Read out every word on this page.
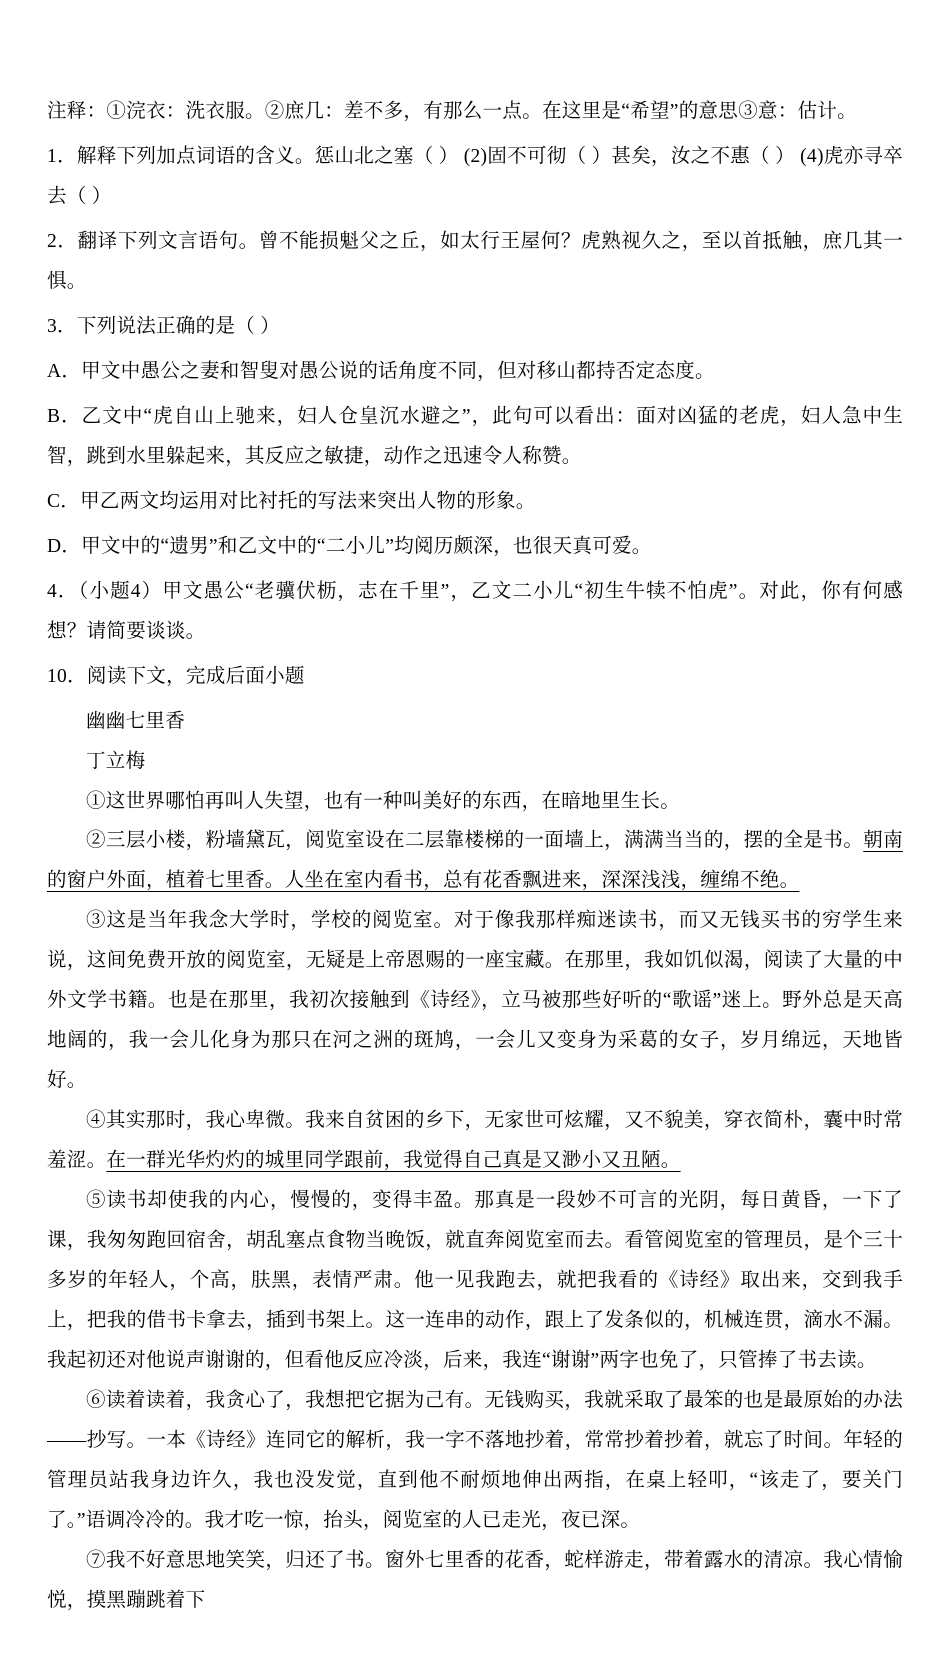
注释：①浣衣：洗衣服。②庶几：差不多，有那么一点。在这里是“希望”的意思③意：估计。

1．解释下列加点词语的含义。惩山北之塞（ ） (2)固不可彻（ ）甚矣，汝之不惠（ ） (4)虎亦寻卒去（ ）

2．翻译下列文言语句。曾不能损魁父之丘，如太行王屋何？虎熟视久之，至以首抵触，庶几其一惧。

3．下列说法正确的是（ ）

A．甲文中愚公之妻和智叟对愚公说的话角度不同，但对移山都持否定态度。

B．乙文中“虎自山上驰来，妇人仓皇沉水避之”，此句可以看出：面对凶猛的老虎，妇人急中生智，跳到水里躲起来，其反应之敏捷，动作之迅速令人称赞。

C．甲乙两文均运用对比衬托的写法来突出人物的形象。

D．甲文中的“遗男”和乙文中的“二小儿”均阅历颇深，也很天真可爱。

4．（小题4）甲文愚公“老骥伏枥，志在千里”，乙文二小儿“初生牛犊不怕虎”。对此，你有何感想？请简要谈谈。

10．阅读下文，完成后面小题

幽幽七里香

丁立梅

①这世界哪怕再叫人失望，也有一种叫美好的东西，在暗地里生长。

②三层小楼，粉墙黛瓦，阅览室设在二层靠楼梯的一面墙上，满满当当的，摆的全是书。朝南的窗户外面，植着七里香。人坐在室内看书，总有花香飘进来，深深浅浅，缠绵不绝。

③这是当年我念大学时，学校的阅览室。对于像我那样痴迷读书，而又无钱买书的穷学生来说，这间免费开放的阅览室，无疑是上帝恩赐的一座宝藏。在那里，我如饥似渴，阅读了大量的中外文学书籍。也是在那里，我初次接触到《诗经》，立马被那些好听的“歌谣”迷上。野外总是天高地阔的，我一会儿化身为那只在河之洲的斑鸠，一会儿又变身为采葛的女子，岁月绵远，天地皆好。

④其实那时，我心卑微。我来自贫困的乡下，无家世可炫耀，又不貌美，穿衣简朴，囊中时常羞涩。在一群光华灼灼的城里同学跟前，我觉得自己真是又渺小又丑陋。

⑤读书却使我的内心，慢慢的，变得丰盈。那真是一段妙不可言的光阴，每日黄昏，一下了课，我匆匆跑回宿舍，胡乱塞点食物当晚饭，就直奔阅览室而去。看管阅览室的管理员，是个三十多岁的年轻人，个高，肤黑，表情严肃。他一见我跑去，就把我看的《诗经》取出来，交到我手上，把我的借书卡拿去，插到书架上。这一连串的动作，跟上了发条似的，机械连贯，滴水不漏。我起初还对他说声谢谢的，但看他反应冷淡，后来，我连“谢谢”两字也免了，只管捧了书去读。

⑥读着读着，我贪心了，我想把它据为己有。无钱购买，我就采取了最笨的也是最原始的办法——抄写。一本《诗经》连同它的解析，我一字不落地抄着，常常抄着抄着，就忘了时间。年轻的管理员站我身边许久，我也没发觉，直到他不耐烦地伸出两指，在桌上轻叩，“该走了，要关门了。”语调冷冷的。我才吃一惊，抬头，阅览室的人已走光，夜已深。

⑦我不好意思地笑笑，归还了书。窗外七里香的花香，蛇样游走，带着露水的清凉。我心情愉悦，摸黑蹦跳着下
